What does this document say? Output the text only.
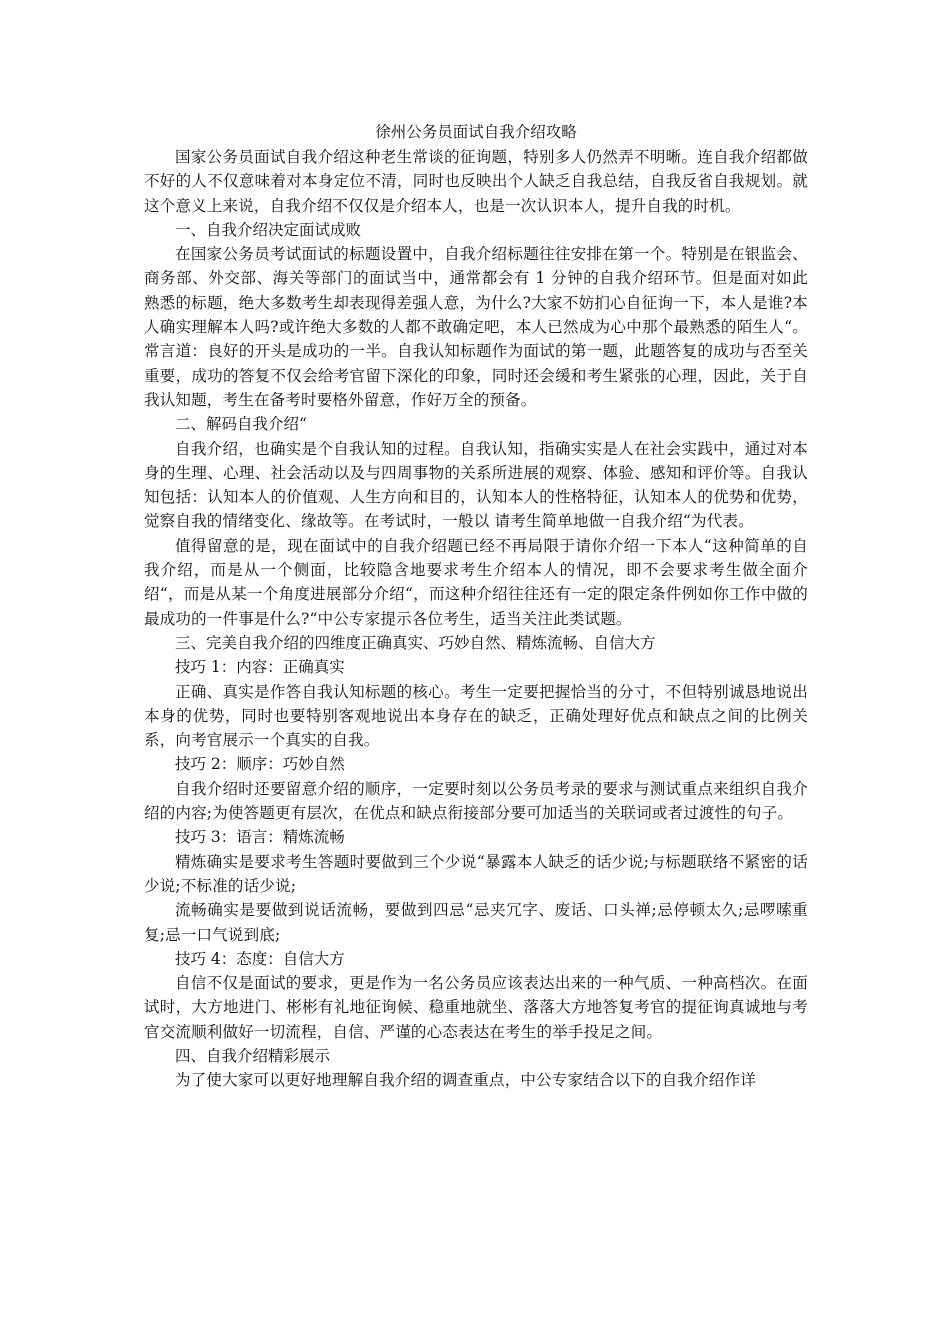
徐州公务员面试自我介绍攻略

国家公务员面试自我介绍这种老生常谈的征询题，特别多人仍然弄不明晰。连自我介绍都做不好的人不仅意味着对本身定位不清，同时也反映出个人缺乏自我总结，自我反省自我规划。就这个意义上来说，自我介绍不仅仅是介绍本人，也是一次认识本人，提升自我的时机。

一、自我介绍决定面试成败

在国家公务员考试面试的标题设置中，自我介绍标题往往安排在第一个。特别是在银监会、商务部、外交部、海关等部门的面试当中，通常都会有 1 分钟的自我介绍环节。但是面对如此熟悉的标题，绝大多数考生却表现得差强人意，为什么?大家不妨扪心自征询一下，本人是谁?本人确实理解本人吗?或许绝大多数的人都不敢确定吧，本人已然成为心中那个最熟悉的陌生人“。常言道：良好的开头是成功的一半。自我认知标题作为面试的第一题，此题答复的成功与否至关重要，成功的答复不仅会给考官留下深化的印象，同时还会缓和考生紧张的心理，因此，关于自我认知题，考生在备考时要格外留意，作好万全的预备。

二、解码自我介绍“

自我介绍，也确实是个自我认知的过程。自我认知，指确实实是人在社会实践中，通过对本身的生理、心理、社会活动以及与四周事物的关系所进展的观察、体验、感知和评价等。自我认知包括：认知本人的价值观、人生方向和目的，认知本人的性格特征，认知本人的优势和优势，觉察自我的情绪变化、缘故等。在考试时，一般以 请考生简单地做一自我介绍“为代表。

值得留意的是，现在面试中的自我介绍题已经不再局限于请你介绍一下本人“这种简单的自我介绍，而是从一个侧面，比较隐含地要求考生介绍本人的情况，即不会要求考生做全面介绍“，而是从某一个角度进展部分介绍“，而这种介绍往往还有一定的限定条件例如你工作中做的最成功的一件事是什么?“中公专家提示各位考生，适当关注此类试题。

三、完美自我介绍的四维度正确真实、巧妙自然、精炼流畅、自信大方

技巧 1：内容：正确真实

正确、真实是作答自我认知标题的核心。考生一定要把握恰当的分寸，不但特别诚恳地说出本身的优势，同时也要特别客观地说出本身存在的缺乏，正确处理好优点和缺点之间的比例关系，向考官展示一个真实的自我。

技巧 2：顺序：巧妙自然

自我介绍时还要留意介绍的顺序，一定要时刻以公务员考录的要求与测试重点来组织自我介绍的内容;为使答题更有层次，在优点和缺点衔接部分要可加适当的关联词或者过渡性的句子。

技巧 3：语言：精炼流畅

精炼确实是要求考生答题时要做到三个少说“暴露本人缺乏的话少说;与标题联络不紧密的话少说;不标准的话少说;

流畅确实是要做到说话流畅，要做到四忌“忌夹冗字、废话、口头禅;忌停顿太久;忌啰嗦重复;忌一口气说到底;

技巧 4：态度：自信大方

自信不仅是面试的要求，更是作为一名公务员应该表达出来的一种气质、一种高档次。在面试时，大方地进门、彬彬有礼地征询候、稳重地就坐、落落大方地答复考官的提征询真诚地与考官交流顺利做好一切流程，自信、严谨的心态表达在考生的举手投足之间。

四、自我介绍精彩展示

为了使大家可以更好地理解自我介绍的调查重点，中公专家结合以下的自我介绍作详
